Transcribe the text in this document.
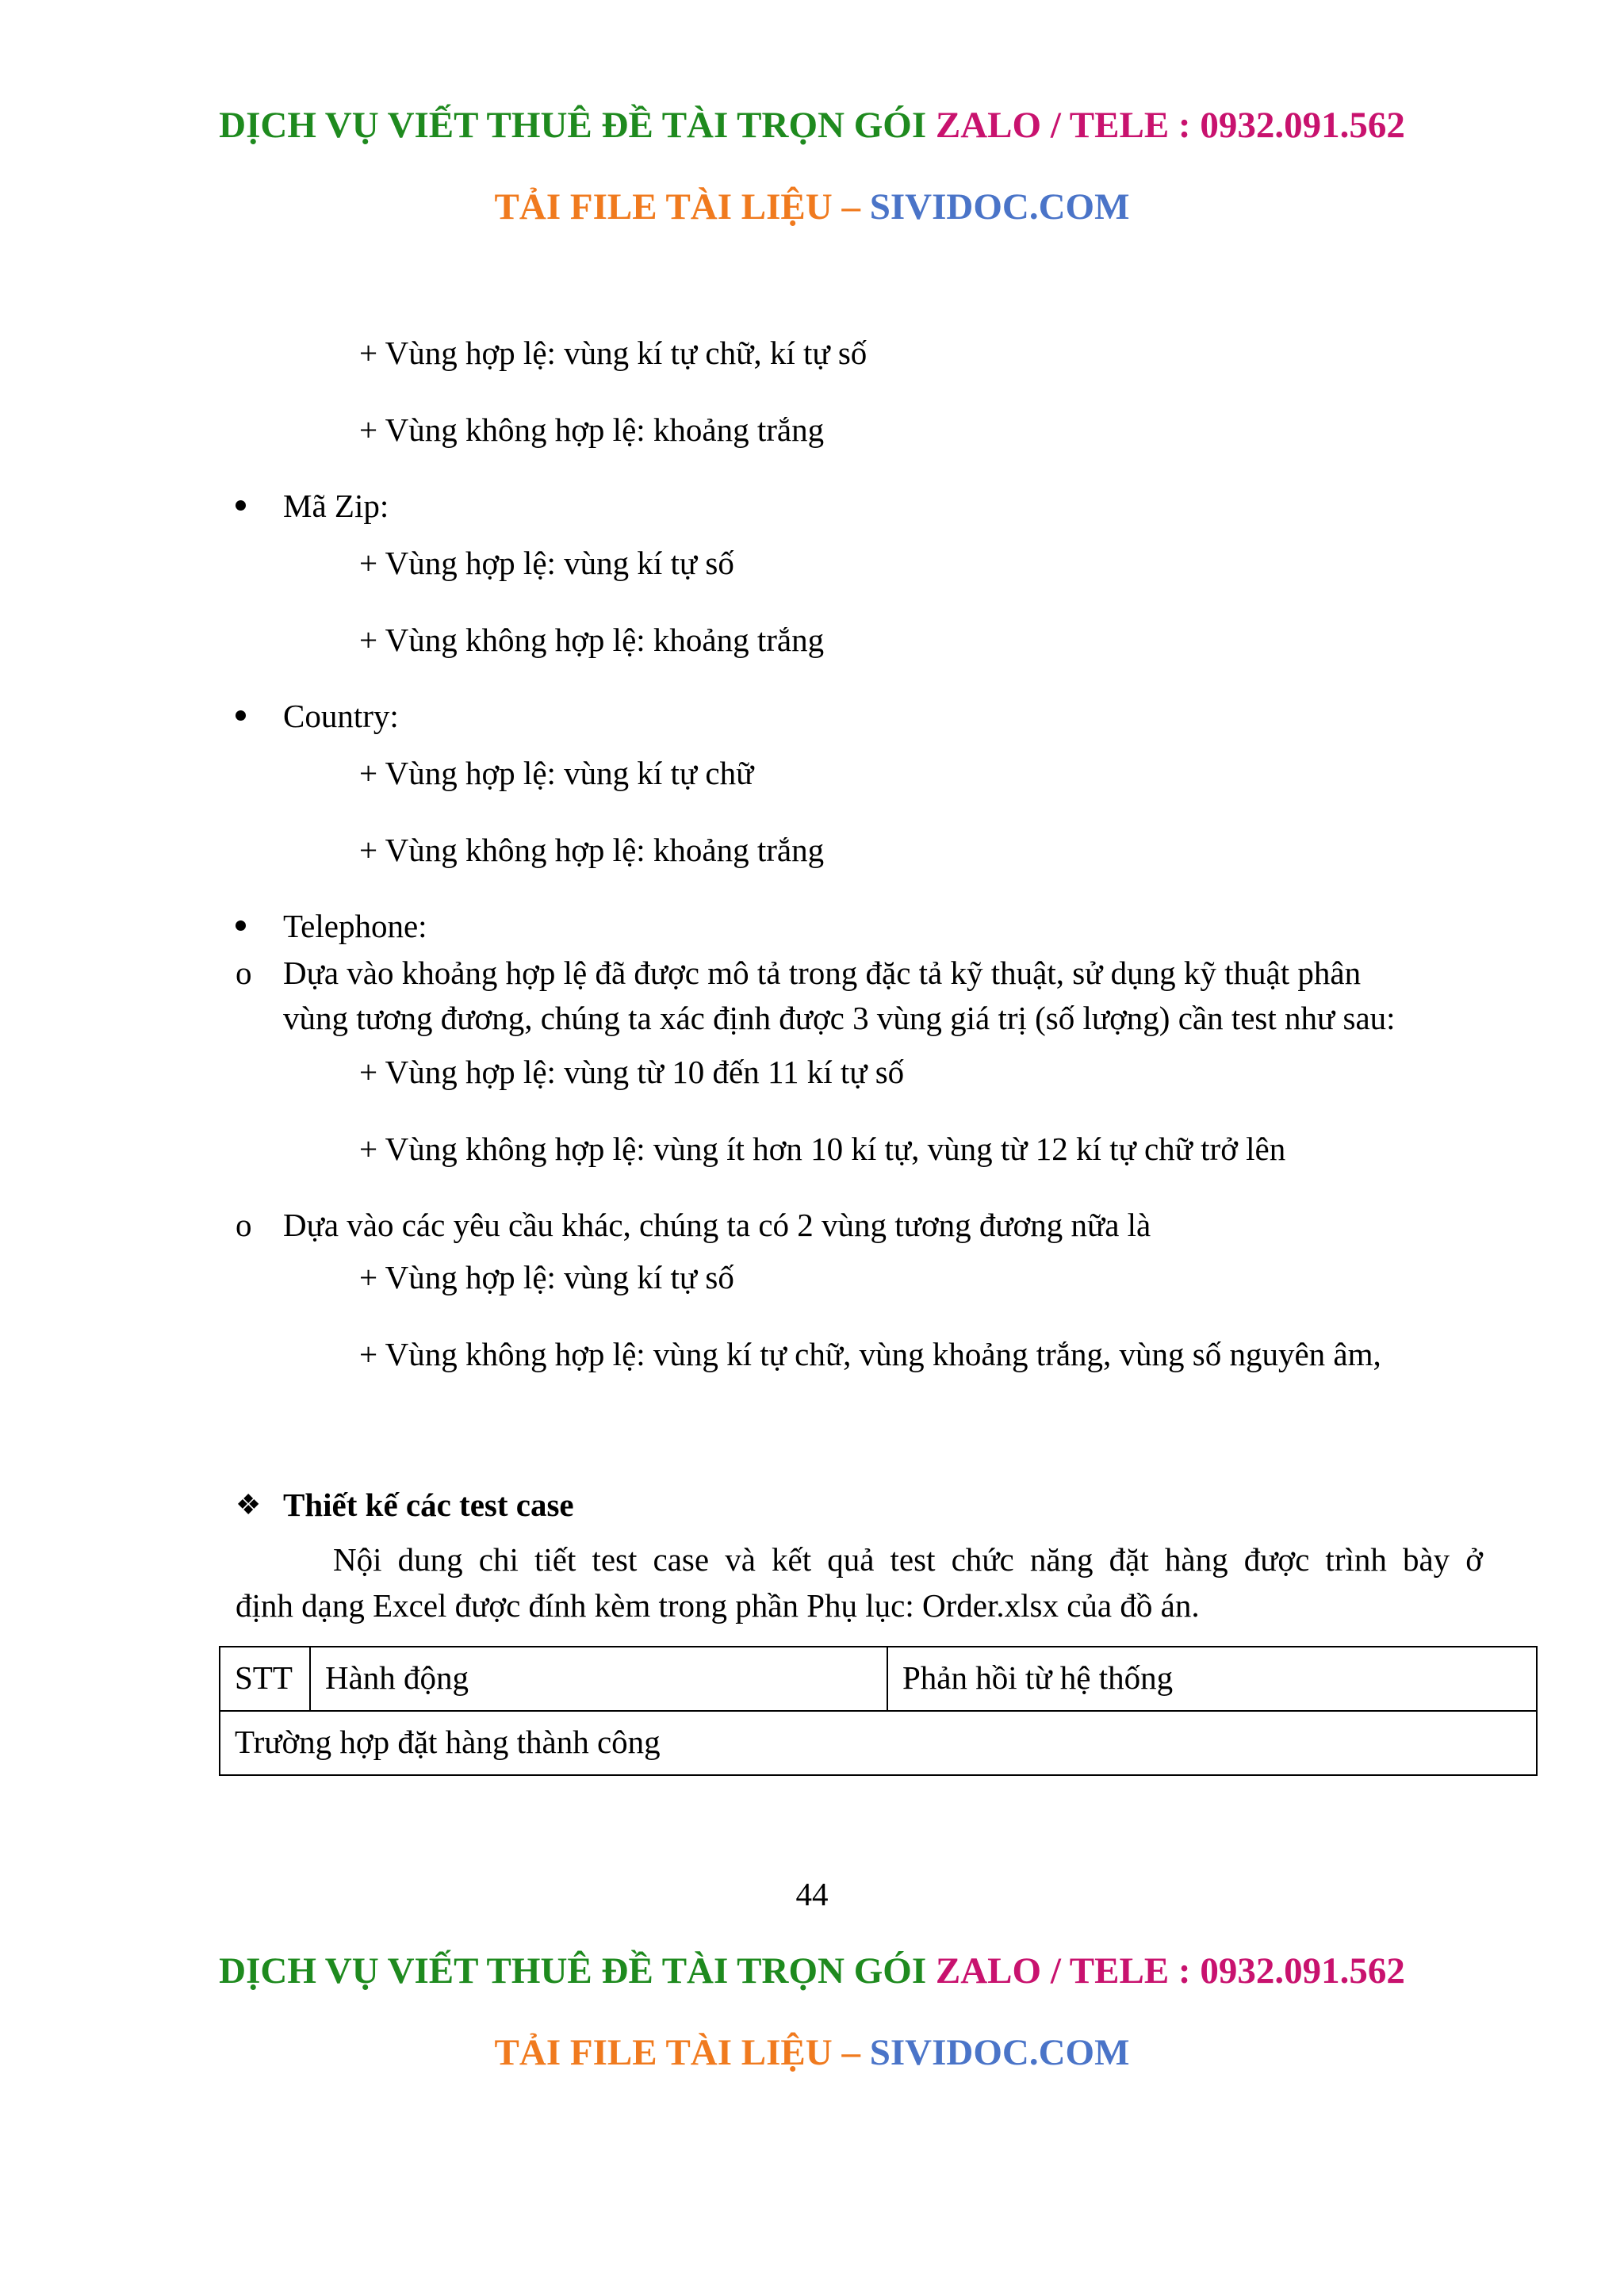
DỊCH VỤ VIẾT THUÊ ĐỀ TÀI TRỌN GÓI ZALO / TELE : 0932.091.562
TẢI FILE TÀI LIỆU – SIVIDOC.COM
+ Vùng hợp lệ: vùng kí tự chữ, kí tự số
+ Vùng không hợp lệ: khoảng trắng
Mã Zip:
+ Vùng hợp lệ: vùng kí tự số
+ Vùng không hợp lệ: khoảng trắng
Country:
+ Vùng hợp lệ: vùng kí tự chữ
+ Vùng không hợp lệ: khoảng trắng
Telephone:
o Dựa vào khoảng hợp lệ đã được mô tả trong đặc tả kỹ thuật, sử dụng kỹ thuật phân
vùng tương đương, chúng ta xác định được 3 vùng giá trị (số lượng) cần test như sau:
+ Vùng hợp lệ: vùng từ 10 đến 11 kí tự số
+ Vùng không hợp lệ: vùng ít hơn 10 kí tự, vùng từ 12 kí tự chữ trở lên
o Dựa vào các yêu cầu khác, chúng ta có 2 vùng tương đương nữa là
+ Vùng hợp lệ: vùng kí tự số
+ Vùng không hợp lệ: vùng kí tự chữ, vùng khoảng trắng, vùng số nguyên âm,
❖ Thiết kế các test case
Nội dung chi tiết test case và kết quả test chức năng đặt hàng được trình bày ở
định dạng Excel được đính kèm trong phần Phụ lục: Order.xlsx của đồ án.
STT	Hành động	Phản hồi từ hệ thống
Trường hợp đặt hàng thành công
44
DỊCH VỤ VIẾT THUÊ ĐỀ TÀI TRỌN GÓI ZALO / TELE : 0932.091.562
TẢI FILE TÀI LIỆU – SIVIDOC.COM
